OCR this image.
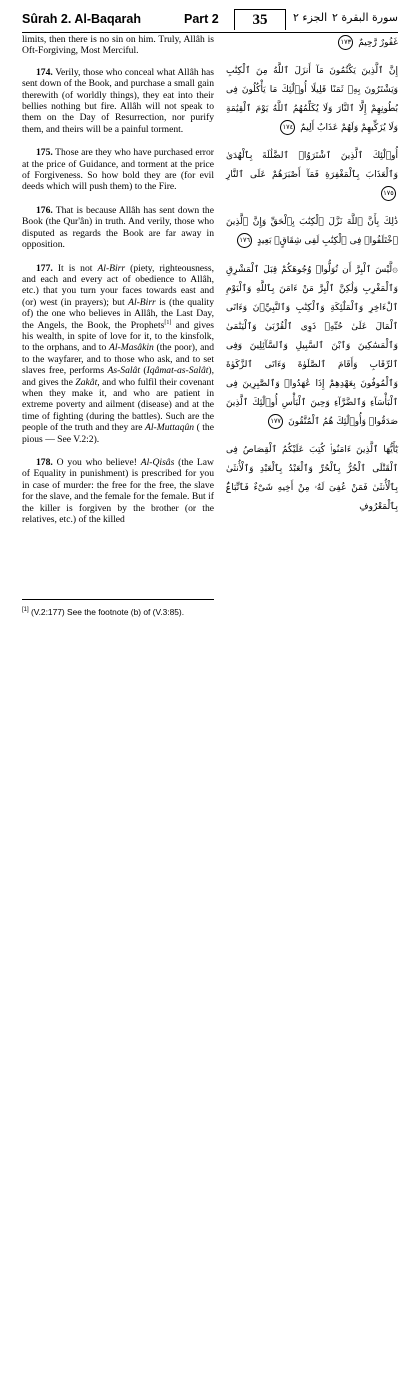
Sûrah 2. Al-Baqarah	Part 2	35	الجزء ٢ سورة البقرة ٢

limits, then there is no sin on him. Truly, Allâh is Oft-Forgiving, Most Merciful.

174. Verily, those who conceal what Allâh has sent down of the Book, and purchase a small gain therewith (of worldly things), they eat into their bellies nothing but fire. Allâh will not speak to them on the Day of Resurrection, nor purify them, and theirs will be a painful torment.

175. Those are they who have purchased error at the price of Guidance, and torment at the price of Forgiveness. So how bold they are (for evil deeds which will push them) to the Fire.

176. That is because Allâh has sent down the Book (the Qur'ân) in truth. And verily, those who disputed as regards the Book are far away in opposition.

177. It is not Al-Birr (piety, righteousness, and each and every act of obedience to Allâh, etc.) that you turn your faces towards east and (or) west (in prayers); but Al-Birr is (the quality of) the one who believes in Allâh, the Last Day, the Angels, the Book, the Prophets[1] and gives his wealth, in spite of love for it, to the kinsfolk, to the orphans, and to Al-Masâkin (the poor), and to the wayfarer, and to those who ask, and to set slaves free, performs As-Salât (Iqâmat-as-Salât), and gives the Zakât, and who fulfil their covenant when they make it, and who are patient in extreme poverty and ailment (disease) and at the time of fighting (during the battles). Such are the people of the truth and they are Al-Muttaqûn ( the pious — See V.2:2).

178. O you who believe! Al-Qisâs (the Law of Equality in punishment) is prescribed for you in case of murder: the free for the free, the slave for the slave, and the female for the female. But if the killer is forgiven by the brother (or the relatives, etc.) of the killed

غَفُورٌ رَّحِيمٌ ١٧٣

إِنَّ ٱلَّذِينَ يَكْتُمُونَ مَآ أَنزَلَ ٱللَّهُ مِنَ ٱلْكِتَٰبِ وَيَشْتَرُونَ بِهِۦ ثَمَنًا قَلِيلًا أُو۟لَٰٓئِكَ مَا يَأْكُلُونَ فِى بُطُونِهِمْ إِلَّا ٱلنَّارَ وَلَا يُكَلِّمُهُمُ ٱللَّهُ يَوْمَ ٱلْقِيَٰمَةِ وَلَا يُزَكِّيهِمْ وَلَهُمْ عَذَابٌ أَلِيمٌ ١٧٤

أُو۟لَٰٓئِكَ ٱلَّذِينَ ٱشْتَرَوُا۟ ٱلضَّلَٰلَةَ بِٱلْهُدَىٰ وَٱلْعَذَابَ بِٱلْمَغْفِرَةِ فَمَآ أَصْبَرَهُمْ عَلَى ٱلنَّارِ ١٧٥

ذَٰلِكَ بِأَنَّ ٱللَّهَ نَزَّلَ ٱلْكِتَٰبَ بِٱلْحَقِّ وَإِنَّ ٱلَّذِينَ ٱخْتَلَفُوا۟ فِى ٱلْكِتَٰبِ لَفِى شِقَاقٍۭ بَعِيدٍ ١٧٦

۞لَّيْسَ ٱلْبِرَّ أَن تُوَلُّوا۟ وُجُوهَكُمْ قِبَلَ ٱلْمَشْرِقِ وَٱلْمَغْرِبِ وَلَٰكِنَّ ٱلْبِرَّ مَنْ ءَامَنَ بِٱللَّهِ وَٱلْيَوْمِ ٱلْءَاخِرِ وَٱلْمَلَٰٓئِكَةِ وَٱلْكِتَٰبِ وَٱلنَّبِيِّۦنَ وَءَاتَى ٱلْمَالَ عَلَىٰ حُبِّهِۦ ذَوِى ٱلْقُرْبَىٰ وَٱلْيَتَٰمَىٰ وَٱلْمَسَٰكِينَ وَٱبْنَ ٱلسَّبِيلِ وَٱلسَّآئِلِينَ وَفِى ٱلرِّقَابِ وَأَقَامَ ٱلصَّلَوٰةَ وَءَاتَى ٱلزَّكَوٰةَ وَٱلْمُوفُونَ بِعَهْدِهِمْ إِذَا عَٰهَدُوا۟ وَٱلصَّٰبِرِينَ فِى ٱلْبَأْسَآءِ وَٱلضَّرَّآءِ وَحِينَ ٱلْبَأْسِ أُو۟لَٰٓئِكَ ٱلَّذِينَ صَدَقُوا۟ وَأُو۟لَٰٓئِكَ هُمُ ٱلْمُتَّقُونَ ١٧٧

يَٰٓأَيُّهَا ٱلَّذِينَ ءَامَنُوا۟ كُتِبَ عَلَيْكُمُ ٱلْقِصَاصُ فِى ٱلْقَتْلَى ٱلْحُرُّ بِٱلْحُرِّ وَٱلْعَبْدُ بِٱلْعَبْدِ وَٱلْأُنثَىٰ بِٱلْأُنثَىٰ فَمَنْ عُفِىَ لَهُۥ مِنْ أَخِيهِ شَىْءٌ فَٱتِّبَاعٌۢ بِٱلْمَعْرُوفِ

[1] (V.2:177) See the footnote (b) of (V.3:85).
